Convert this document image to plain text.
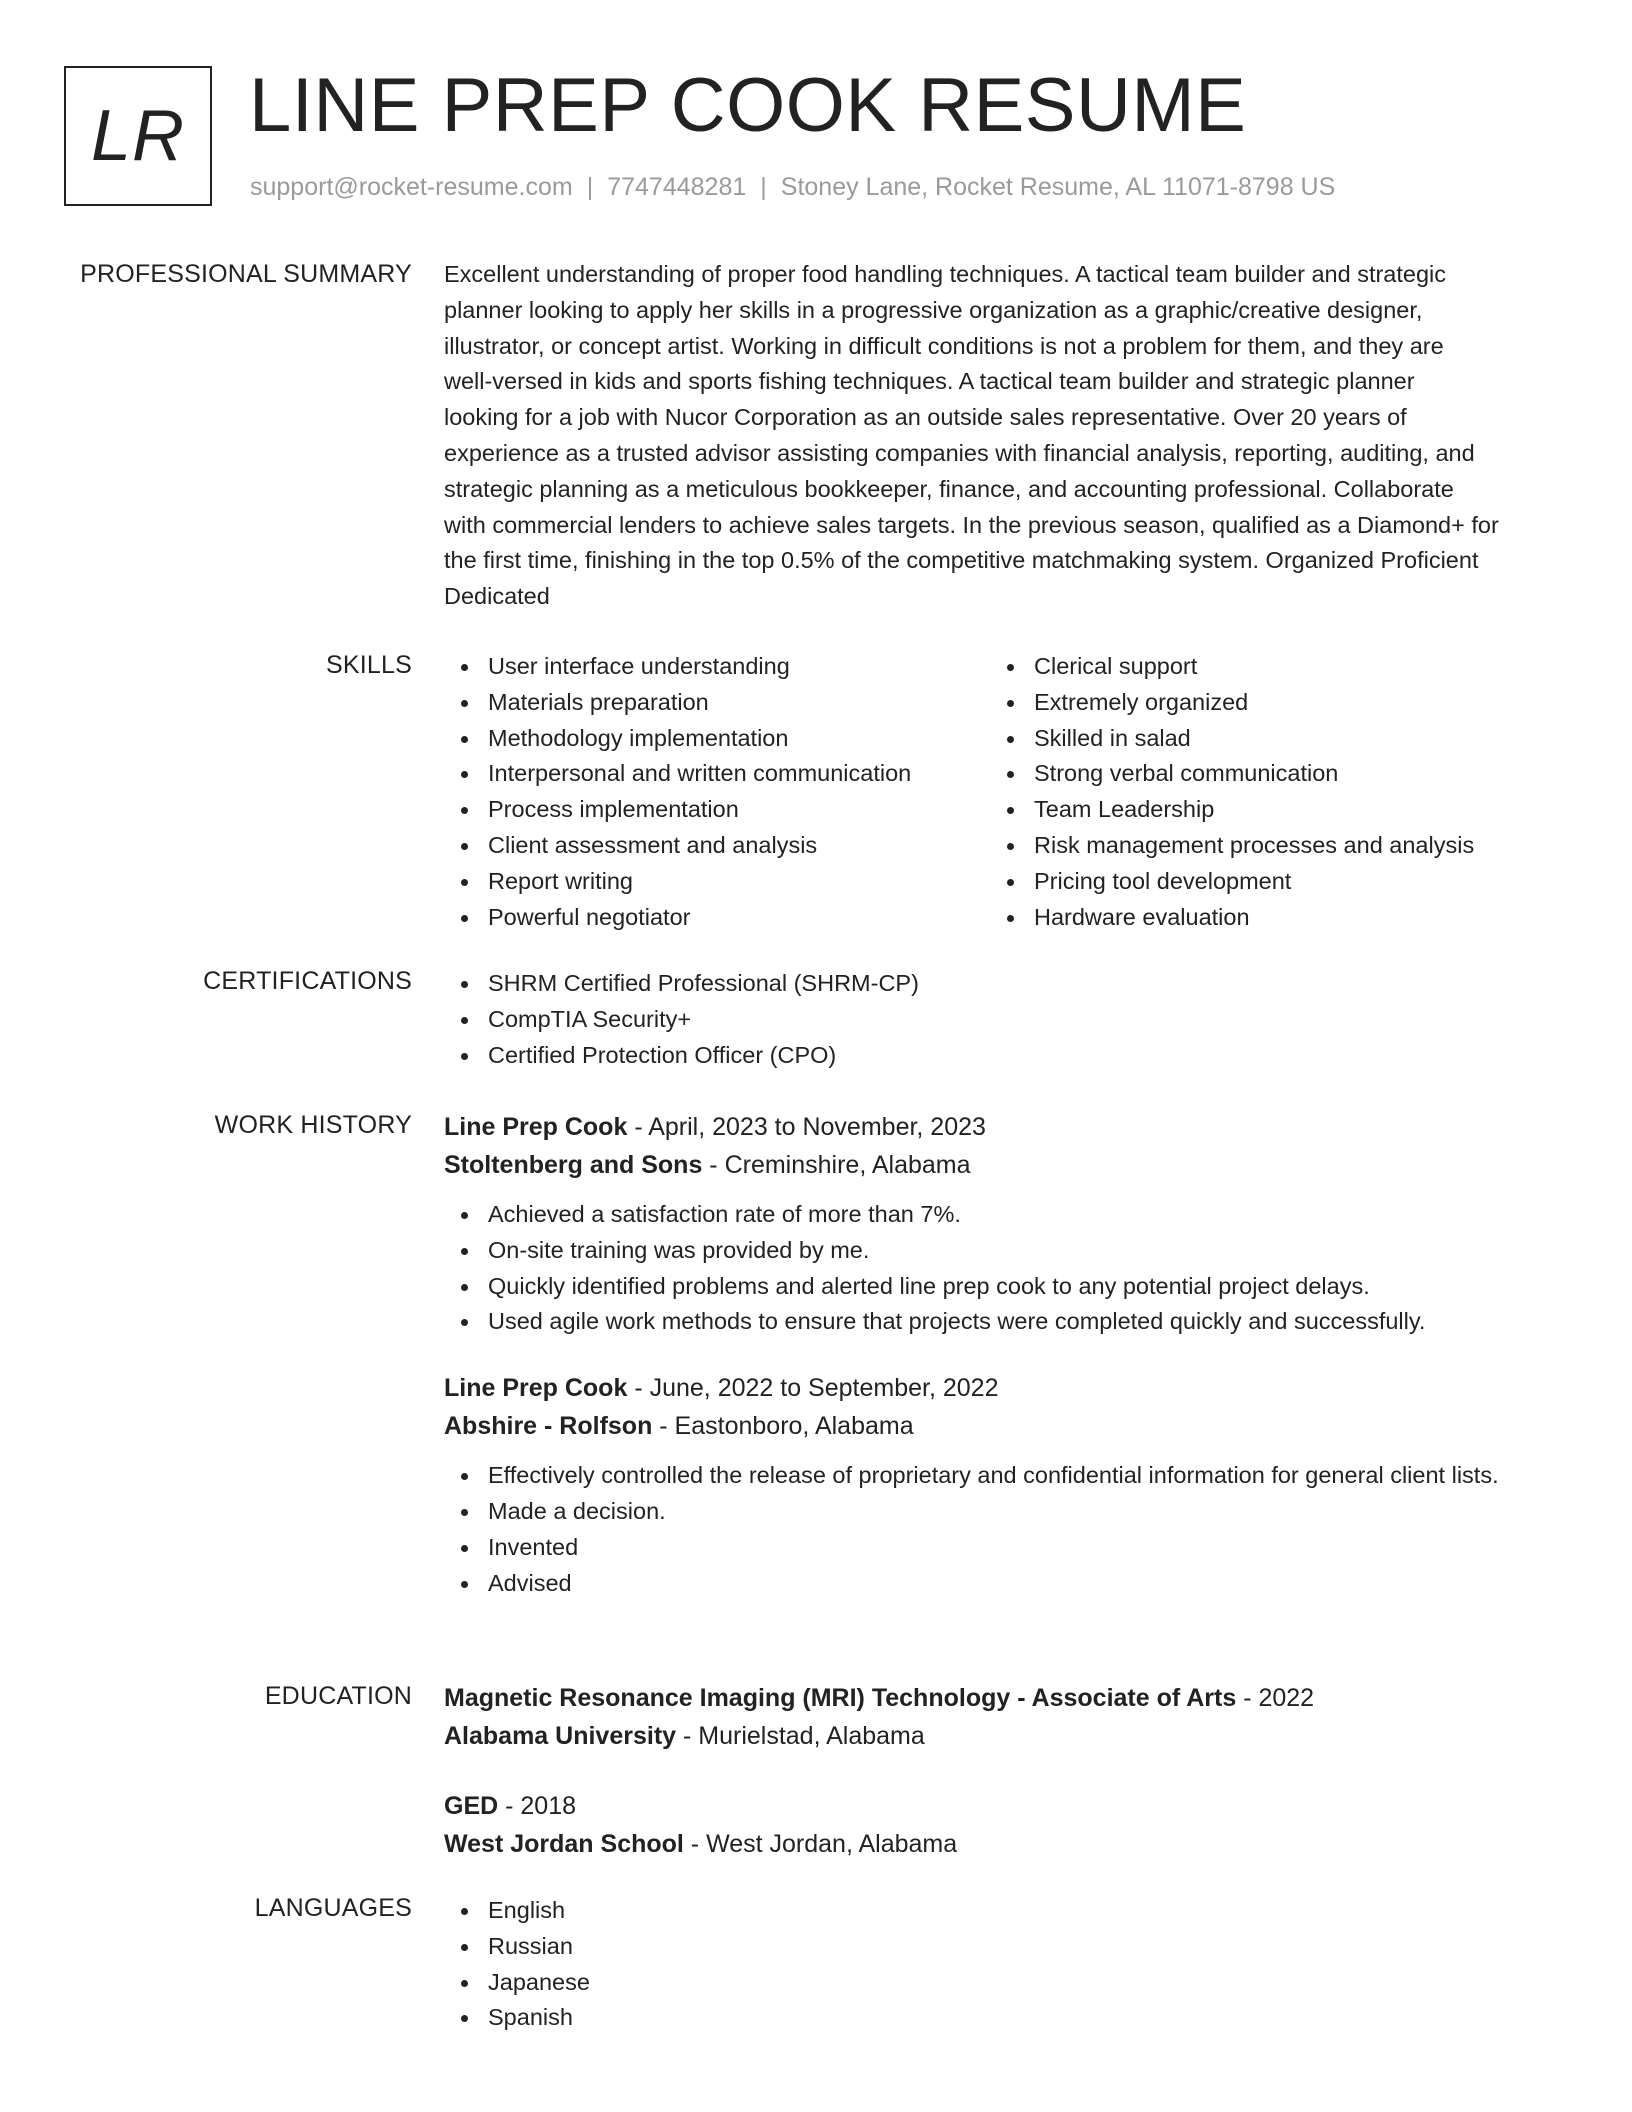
LR LINE PREP COOK RESUME
support@rocket-resume.com | 7747448281 | Stoney Lane, Rocket Resume, AL 11071-8798 US
PROFESSIONAL SUMMARY Excellent understanding of proper food handling techniques. A tactical team builder and strategic
planner looking to apply her skills in a progressive organization as a graphic/creative designer,
illustrator, or concept artist. Working in difficult conditions is not a problem for them, and they are
well-versed in kids and sports fishing techniques. A tactical team builder and strategic planner
looking for a job with Nucor Corporation as an outside sales representative. Over 20 years of
experience as a trusted advisor assisting companies with financial analysis, reporting, auditing, and
strategic planning as a meticulous bookkeeper, finance, and accounting professional. Collaborate
with commercial lenders to achieve sales targets. In the previous season, qualified as a Diamond+ for
the first time, finishing in the top 0.5% of the competitive matchmaking system. Organized Proficient
Dedicated
SKILLS	User interface understanding
Materials preparation
Methodology implementation
Interpersonal and written communication
Process implementation
Client assessment and analysis
Report writing
Powerful negotiator
Clerical support
Extremely organized
Skilled in salad
Strong verbal communication
Team Leadership
Risk management processes and analysis
Pricing tool development
Hardware evaluation
CERTIFICATIONS	SHRM Certified Professional (SHRM-CP)
CompTIA Security+
Certified Protection Officer (CPO)
WORK HISTORY Line Prep Cook - April, 2023 to November, 2023
Stoltenberg and Sons - Creminshire, Alabama
Achieved a satisfaction rate of more than 7%.
On-site training was provided by me.
Quickly identified problems and alerted line prep cook to any potential project delays.
Used agile work methods to ensure that projects were completed quickly and successfully.
Line Prep Cook - June, 2022 to September, 2022
Abshire - Rolfson - Eastonboro, Alabama
Effectively controlled the release of proprietary and confidential information for general client lists.
Made a decision.
Invented
Advised
EDUCATION Magnetic Resonance Imaging (MRI) Technology - Associate of Arts - 2022
Alabama University - Murielstad, Alabama
GED - 2018
West Jordan School - West Jordan, Alabama
LANGUAGES	English
Russian
Japanese
Spanish
